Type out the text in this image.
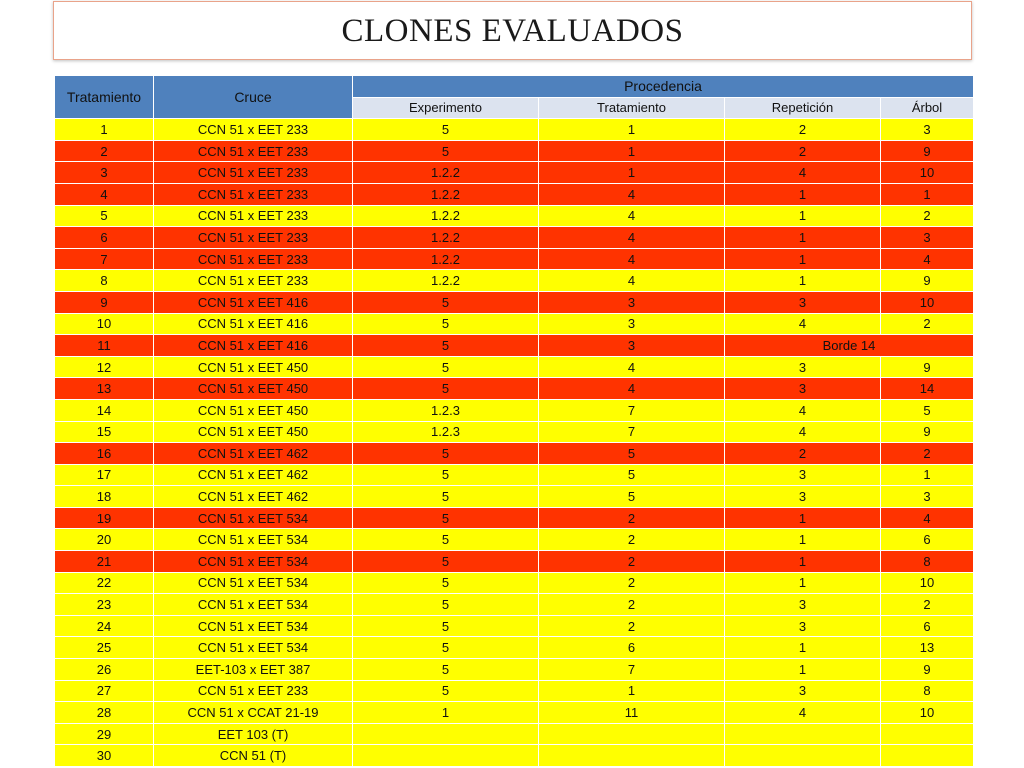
CLONES EVALUADOS
Tratamiento	Cruce	Procedencia			
		Experimento	Tratamiento	Repetición	Árbol
1	CCN 51 x EET 233	5	1	2	3
2	CCN 51 x EET 233	5	1	2	9
3	CCN 51 x EET 233	1.2.2	1	4	10
4	CCN 51 x EET 233	1.2.2	4	1	1
5	CCN 51 x EET 233	1.2.2	4	1	2
6	CCN 51 x EET 233	1.2.2	4	1	3
7	CCN 51 x EET 233	1.2.2	4	1	4
8	CCN 51 x EET 233	1.2.2	4	1	9
9	CCN 51 x EET 416	5	3	3	10
10	CCN 51 x EET 416	5	3	4	2
11	CCN 51 x EET 416	5	3	Borde 14	
12	CCN 51 x EET 450	5	4	3	9
13	CCN 51 x EET 450	5	4	3	14
14	CCN 51 x EET 450	1.2.3	7	4	5
15	CCN 51 x EET 450	1.2.3	7	4	9
16	CCN 51 x EET 462	5	5	2	2
17	CCN 51 x EET 462	5	5	3	1
18	CCN 51 x EET 462	5	5	3	3
19	CCN 51 x EET 534	5	2	1	4
20	CCN 51 x EET 534	5	2	1	6
21	CCN 51 x EET 534	5	2	1	8
22	CCN 51 x EET 534	5	2	1	10
23	CCN 51 x EET 534	5	2	3	2
24	CCN 51 x EET 534	5	2	3	6
25	CCN 51 x EET 534	5	6	1	13
26	EET-103 x EET 387	5	7	1	9
27	CCN 51 x EET 233	5	1	3	8
28	CCN 51 x CCAT 21-19	1	11	4	10
29	EET 103 (T)				
30	CCN 51 (T)				
